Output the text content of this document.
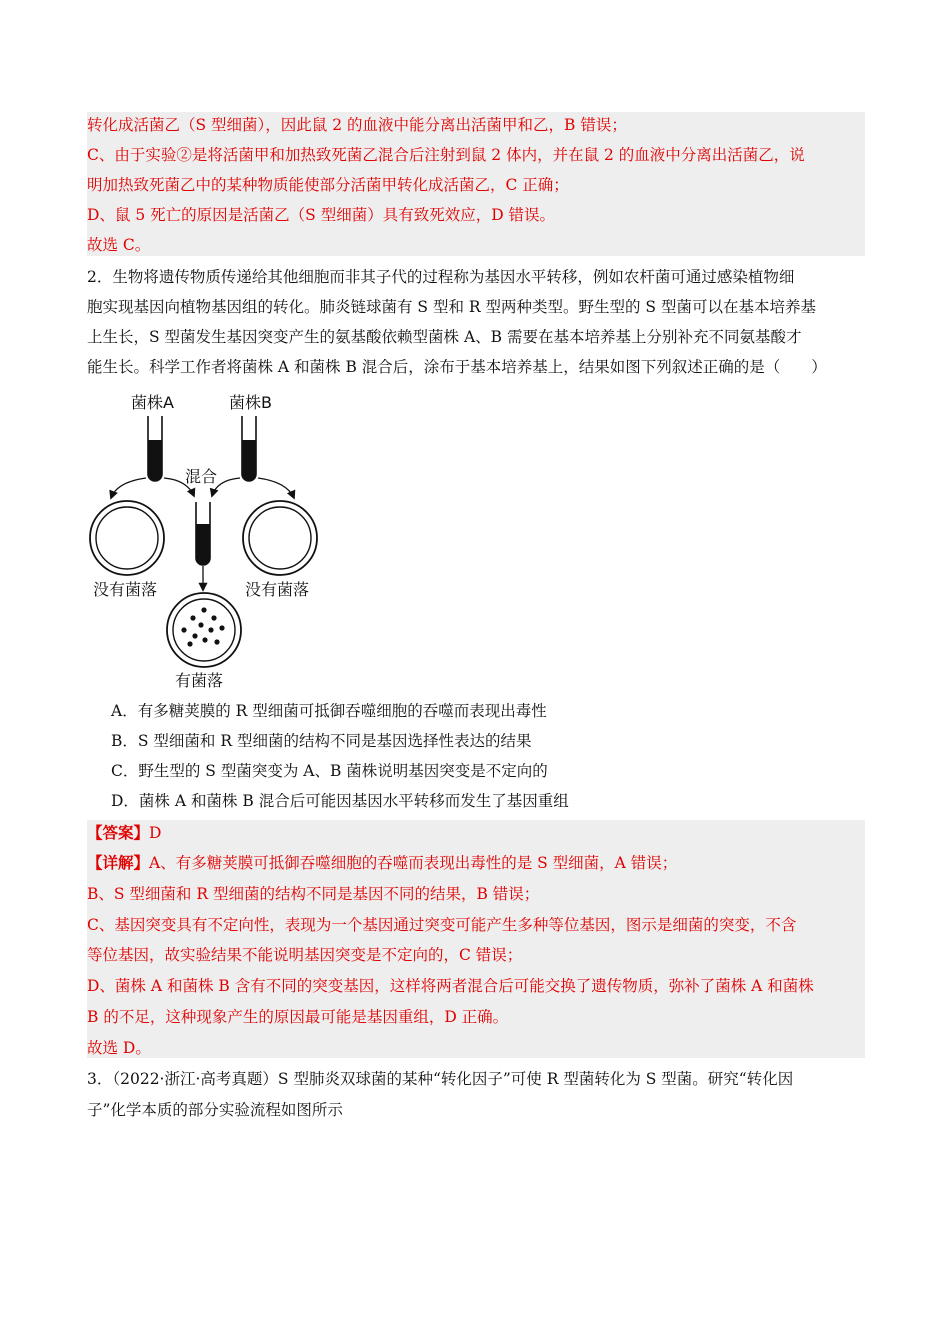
转化成活菌乙（S 型细菌），因此鼠 2 的血液中能分离出活菌甲和乙，B 错误；
C、由于实验②是将活菌甲和加热致死菌乙混合后注射到鼠 2 体内，并在鼠 2 的血液中分离出活菌乙，说
明加热致死菌乙中的某种物质能使部分活菌甲转化成活菌乙，C 正确；
D、鼠 5 死亡的原因是活菌乙（S 型细菌）具有致死效应，D 错误。
故选 C。
2．生物将遗传物质传递给其他细胞而非其子代的过程称为基因水平转移，例如农杆菌可通过感染植物细
胞实现基因向植物基因组的转化。肺炎链球菌有 S 型和 R 型两种类型。野生型的 S 型菌可以在基本培养基
上生长，S 型菌发生基因突变产生的氨基酸依赖型菌株 A、B 需要在基本培养基上分别补充不同氨基酸才
能生长。科学工作者将菌株 A 和菌株 B 混合后，涂布于基本培养基上，结果如图下列叙述正确的是（　　）
A．有多糖荚膜的 R 型细菌可抵御吞噬细胞的吞噬而表现出毒性
B．S 型细菌和 R 型细菌的结构不同是基因选择性表达的结果
C．野生型的 S 型菌突变为 A、B 菌株说明基因突变是不定向的
D．菌株 A 和菌株 B 混合后可能因基因水平转移而发生了基因重组
【答案】D
【详解】A、有多糖荚膜可抵御吞噬细胞的吞噬而表现出毒性的是 S 型细菌，A 错误；
B、S 型细菌和 R 型细菌的结构不同是基因不同的结果，B 错误；
C、基因突变具有不定向性，表现为一个基因通过突变可能产生多种等位基因，图示是细菌的突变，不含
等位基因，故实验结果不能说明基因突变是不定向的，C 错误；
D、菌株 A 和菌株 B 含有不同的突变基因，这样将两者混合后可能交换了遗传物质，弥补了菌株 A 和菌株
B 的不足，这种现象产生的原因最可能是基因重组，D 正确。
故选 D。
3．（2022·浙江·高考真题）S 型肺炎双球菌的某种“转化因子”可使 R 型菌转化为 S 型菌。研究“转化因
子”化学本质的部分实验流程如图所示
菌株A	菌株B
混合
没有菌落	没有菌落
有菌落
